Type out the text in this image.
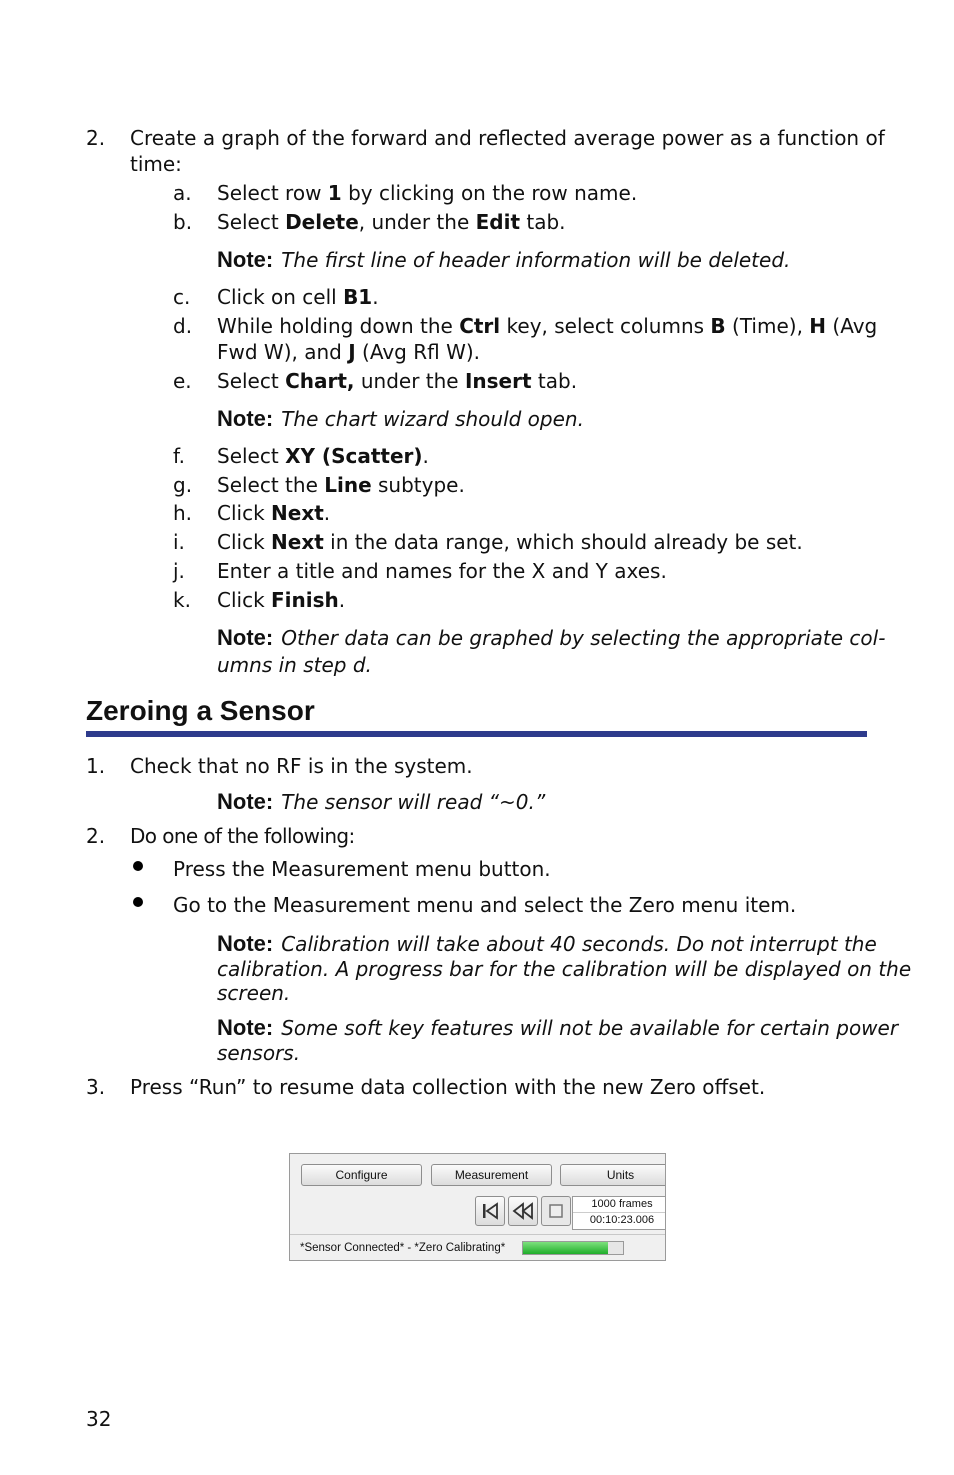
2. Create a graph of the forward and reflected average power as a function of
time:
a. Select row 1 by clicking on the row name.
b. Select Delete, under the Edit tab.
Note: The first line of header information will be deleted.
c. Click on cell B1.
d. While holding down the Ctrl key, select columns B (Time), H (Avg
Fwd W), and J (Avg Rfl W).
e. Select Chart, under the Insert tab.
Note: The chart wizard should open.
f. Select XY (Scatter).
g. Select the Line subtype.
h. Click Next.
i. Click Next in the data range, which should already be set.
j. Enter a title and names for the X and Y axes.
k. Click Finish.
Note: Other data can be graphed by selecting the appropriate col-
umns in step d.
Zeroing a Sensor
1. Check that no RF is in the system.
Note: The sensor will read “~0.”
2. Do one of the following:
Press the Measurement menu button.
Go to the Measurement menu and select the Zero menu item.
Note: Calibration will take about 40 seconds. Do not interrupt the
calibration. A progress bar for the calibration will be displayed on the
screen.
Note: Some soft key features will not be available for certain power
sensors.
3. Press “Run” to resume data collection with the new Zero offset.
Configure	Measurement	Units
1000 frames
00:10:23.006
*Sensor Connected* - *Zero Calibrating*
32
